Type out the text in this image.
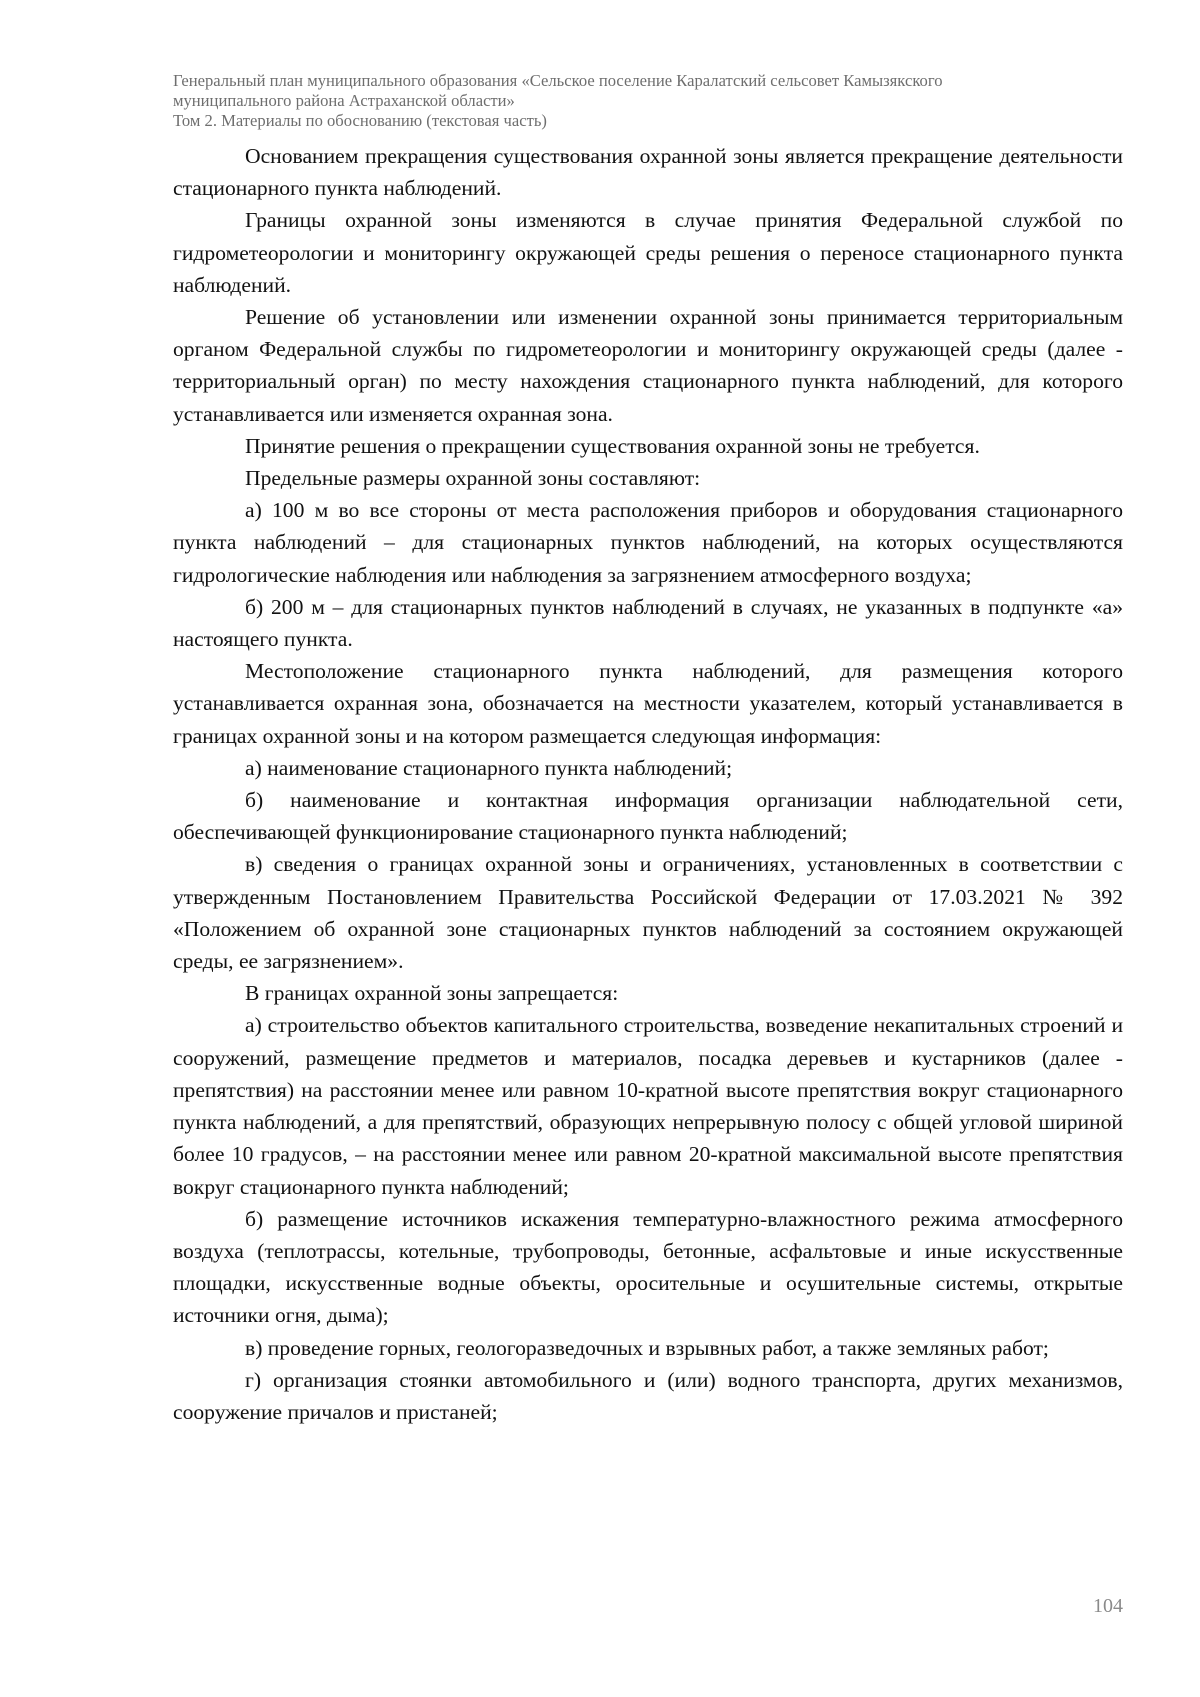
Генеральный план муниципального образования «Сельское поселение Каралатский сельсовет Камызякского
муниципального района Астраханской области»
Том 2. Материалы по обоснованию (текстовая часть)

Основанием прекращения существования охранной зоны является прекращение деятельности стационарного пункта наблюдений.

Границы охранной зоны изменяются в случае принятия Федеральной службой по гидрометеорологии и мониторингу окружающей среды решения о переносе стационарного пункта наблюдений.

Решение об установлении или изменении охранной зоны принимается территориальным органом Федеральной службы по гидрометеорологии и мониторингу окружающей среды (далее - территориальный орган) по месту нахождения стационарного пункта наблюдений, для которого устанавливается или изменяется охранная зона.

Принятие решения о прекращении существования охранной зоны не требуется.

Предельные размеры охранной зоны составляют:

а) 100 м во все стороны от места расположения приборов и оборудования стационарного пункта наблюдений – для стационарных пунктов наблюдений, на которых осуществляются гидрологические наблюдения или наблюдения за загрязнением атмосферного воздуха;

б) 200 м – для стационарных пунктов наблюдений в случаях, не указанных в подпункте «а» настоящего пункта.

Местоположение стационарного пункта наблюдений, для размещения которого устанавливается охранная зона, обозначается на местности указателем, который устанавливается в границах охранной зоны и на котором размещается следующая информация:

а) наименование стационарного пункта наблюдений;

б) наименование и контактная информация организации наблюдательной сети, обеспечивающей функционирование стационарного пункта наблюдений;

в) сведения о границах охранной зоны и ограничениях, установленных в соответствии с утвержденным Постановлением Правительства Российской Федерации от 17.03.2021 № 392 «Положением об охранной зоне стационарных пунктов наблюдений за состоянием окружающей среды, ее загрязнением».

В границах охранной зоны запрещается:

а) строительство объектов капитального строительства, возведение некапитальных строений и сооружений, размещение предметов и материалов, посадка деревьев и кустарников (далее - препятствия) на расстоянии менее или равном 10-кратной высоте препятствия вокруг стационарного пункта наблюдений, а для препятствий, образующих непрерывную полосу с общей угловой шириной более 10 градусов, – на расстоянии менее или равном 20-кратной максимальной высоте препятствия вокруг стационарного пункта наблюдений;

б) размещение источников искажения температурно-влажностного режима атмосферного воздуха (теплотрассы, котельные, трубопроводы, бетонные, асфальтовые и иные искусственные площадки, искусственные водные объекты, оросительные и осушительные системы, открытые источники огня, дыма);

в) проведение горных, геологоразведочных и взрывных работ, а также земляных работ;

г) организация стоянки автомобильного и (или) водного транспорта, других механизмов, сооружение причалов и пристаней;

104
